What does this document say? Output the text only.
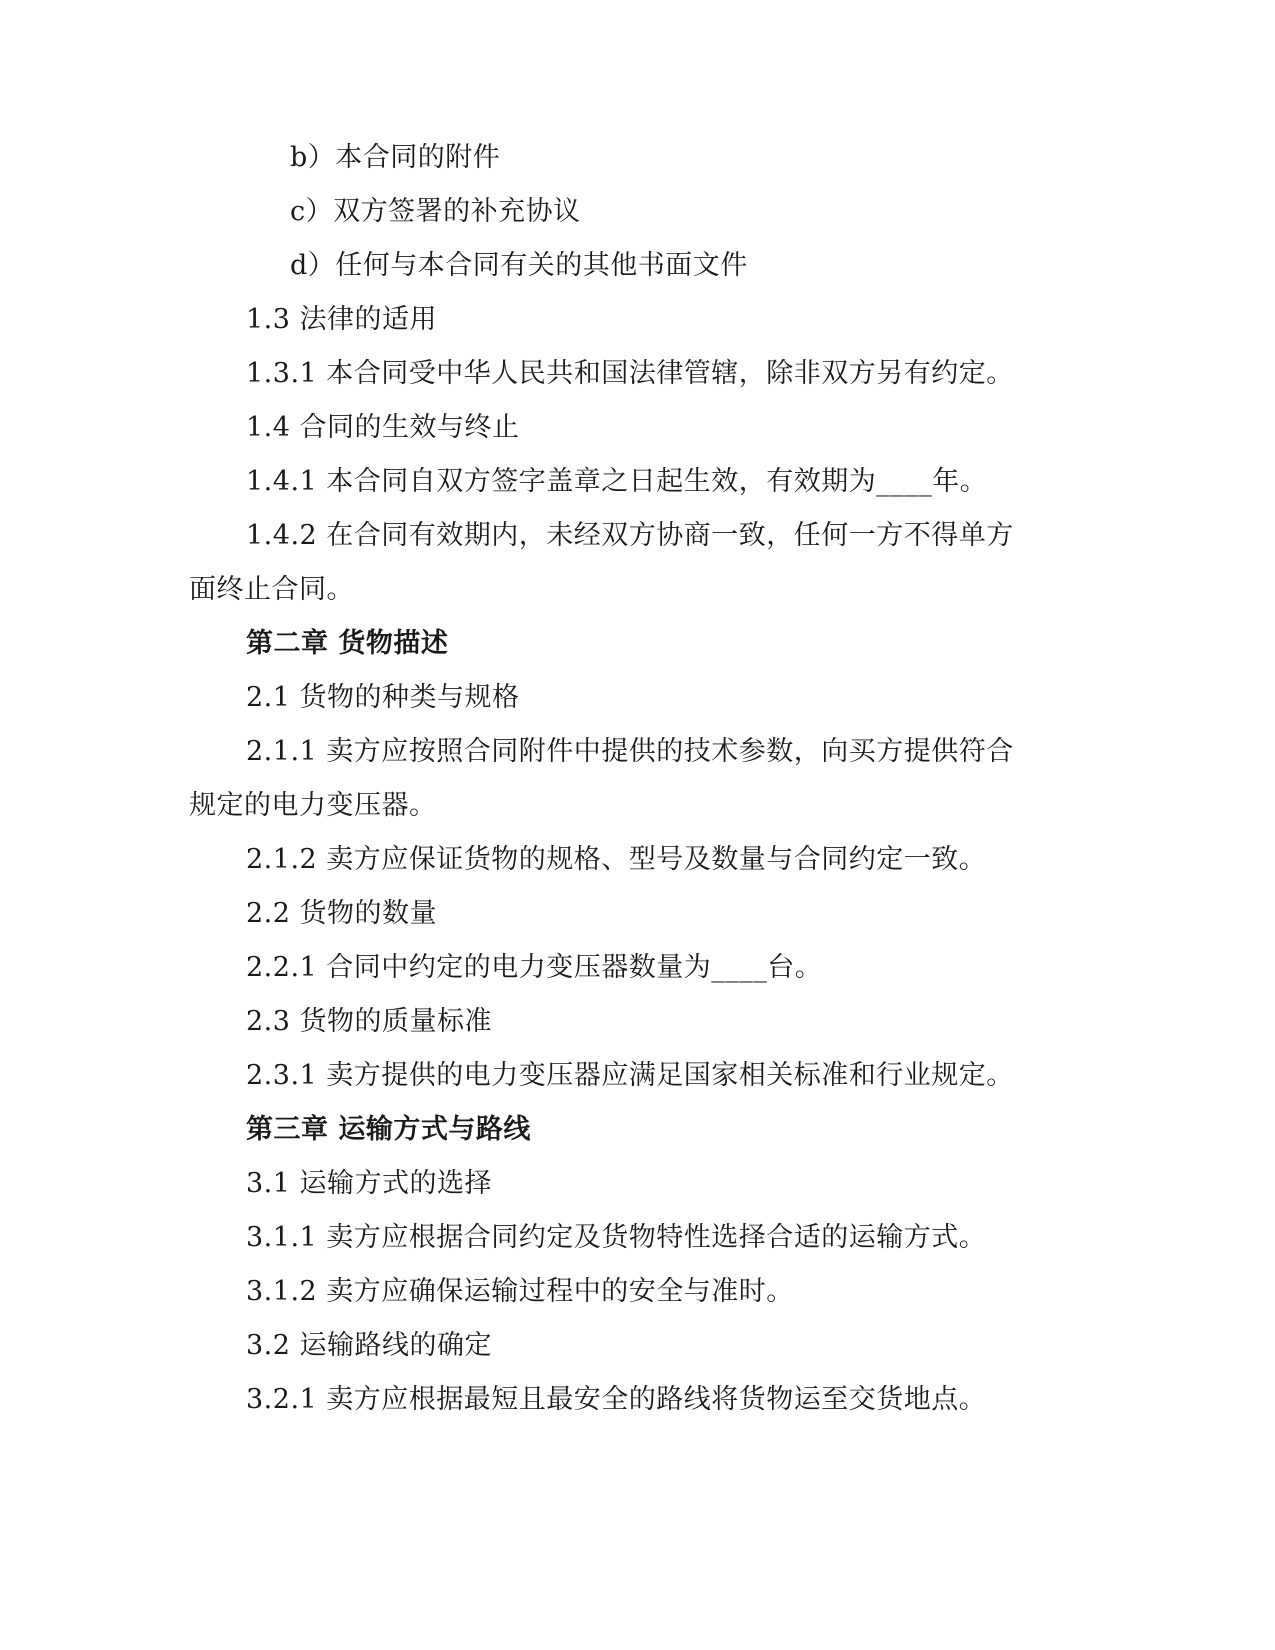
b）本合同的附件
c）双方签署的补充协议
d）任何与本合同有关的其他书面文件
1.3 法律的适用
1.3.1 本合同受中华人民共和国法律管辖，除非双方另有约定。
1.4 合同的生效与终止
1.4.1 本合同自双方签字盖章之日起生效，有效期为____年。
1.4.2 在合同有效期内，未经双方协商一致，任何一方不得单方
面终止合同。
第二章 货物描述
2.1 货物的种类与规格
2.1.1 卖方应按照合同附件中提供的技术参数，向买方提供符合
规定的电力变压器。
2.1.2 卖方应保证货物的规格、型号及数量与合同约定一致。
2.2 货物的数量
2.2.1 合同中约定的电力变压器数量为____台。
2.3 货物的质量标准
2.3.1 卖方提供的电力变压器应满足国家相关标准和行业规定。
第三章 运输方式与路线
3.1 运输方式的选择
3.1.1 卖方应根据合同约定及货物特性选择合适的运输方式。
3.1.2 卖方应确保运输过程中的安全与准时。
3.2 运输路线的确定
3.2.1 卖方应根据最短且最安全的路线将货物运至交货地点。
